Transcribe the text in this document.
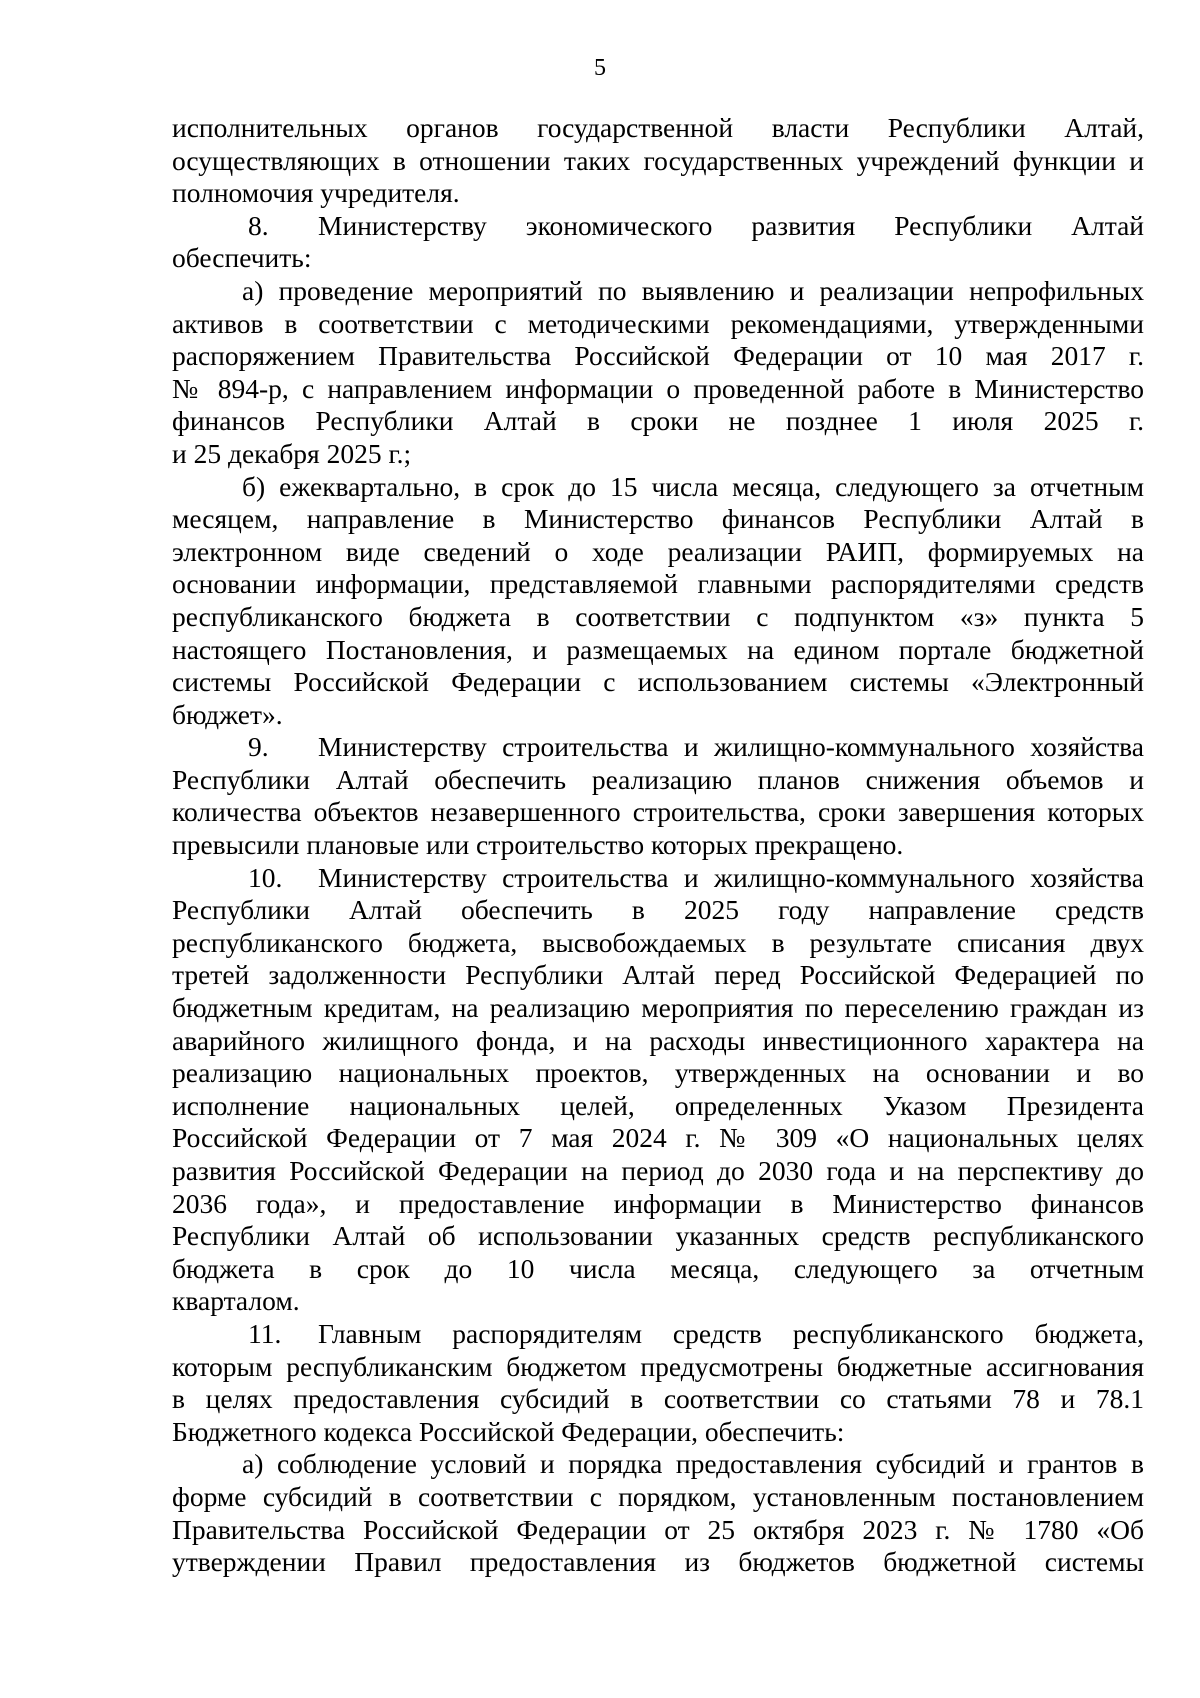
5
исполнительных органов государственной власти Республики Алтай,
осуществляющих в отношении таких государственных учреждений функции и
полномочия учредителя.
8.	Министерству экономического развития Республики Алтай
обеспечить:
а) проведение мероприятий по выявлению и реализации непрофильных
активов в соответствии с методическими рекомендациями, утвержденными
распоряжением Правительства Российской Федерации от 10 мая 2017 г.
№ 894-р, с направлением информации о проведенной работе в Министерство
финансов Республики Алтай в сроки не позднее 1 июля 2025 г.
и 25 декабря 2025 г.;
б) ежеквартально, в срок до 15 числа месяца, следующего за отчетным
месяцем, направление в Министерство финансов Республики Алтай в
электронном виде сведений о ходе реализации РАИП, формируемых на
основании информации, представляемой главными распорядителями средств
республиканского бюджета в соответствии с подпунктом «з» пункта 5
настоящего Постановления, и размещаемых на едином портале бюджетной
системы Российской Федерации с использованием системы «Электронный
бюджет».
9.	Министерству строительства и жилищно-коммунального хозяйства
Республики Алтай обеспечить реализацию планов снижения объемов и
количества объектов незавершенного строительства, сроки завершения которых
превысили плановые или строительство которых прекращено.
10.	Министерству строительства и жилищно-коммунального хозяйства
Республики Алтай обеспечить в 2025 году направление средств
республиканского бюджета, высвобождаемых в результате списания двух
третей задолженности Республики Алтай перед Российской Федерацией по
бюджетным кредитам, на реализацию мероприятия по переселению граждан из
аварийного жилищного фонда, и на расходы инвестиционного характера на
реализацию национальных проектов, утвержденных на основании и во
исполнение национальных целей, определенных Указом Президента
Российской Федерации от 7 мая 2024 г. № 309 «О национальных целях
развития Российской Федерации на период до 2030 года и на перспективу до
2036 года», и предоставление информации в Министерство финансов
Республики Алтай об использовании указанных средств республиканского
бюджета в срок до 10 числа месяца, следующего за отчетным
кварталом.
11.	Главным распорядителям средств республиканского бюджета,
которым республиканским бюджетом предусмотрены бюджетные ассигнования
в целях предоставления субсидий в соответствии со статьями 78 и 78.1
Бюджетного кодекса Российской Федерации, обеспечить:
а) соблюдение условий и порядка предоставления субсидий и грантов в
форме субсидий в соответствии с порядком, установленным постановлением
Правительства Российской Федерации от 25 октября 2023 г. № 1780 «Об
утверждении Правил предоставления из бюджетов бюджетной системы
